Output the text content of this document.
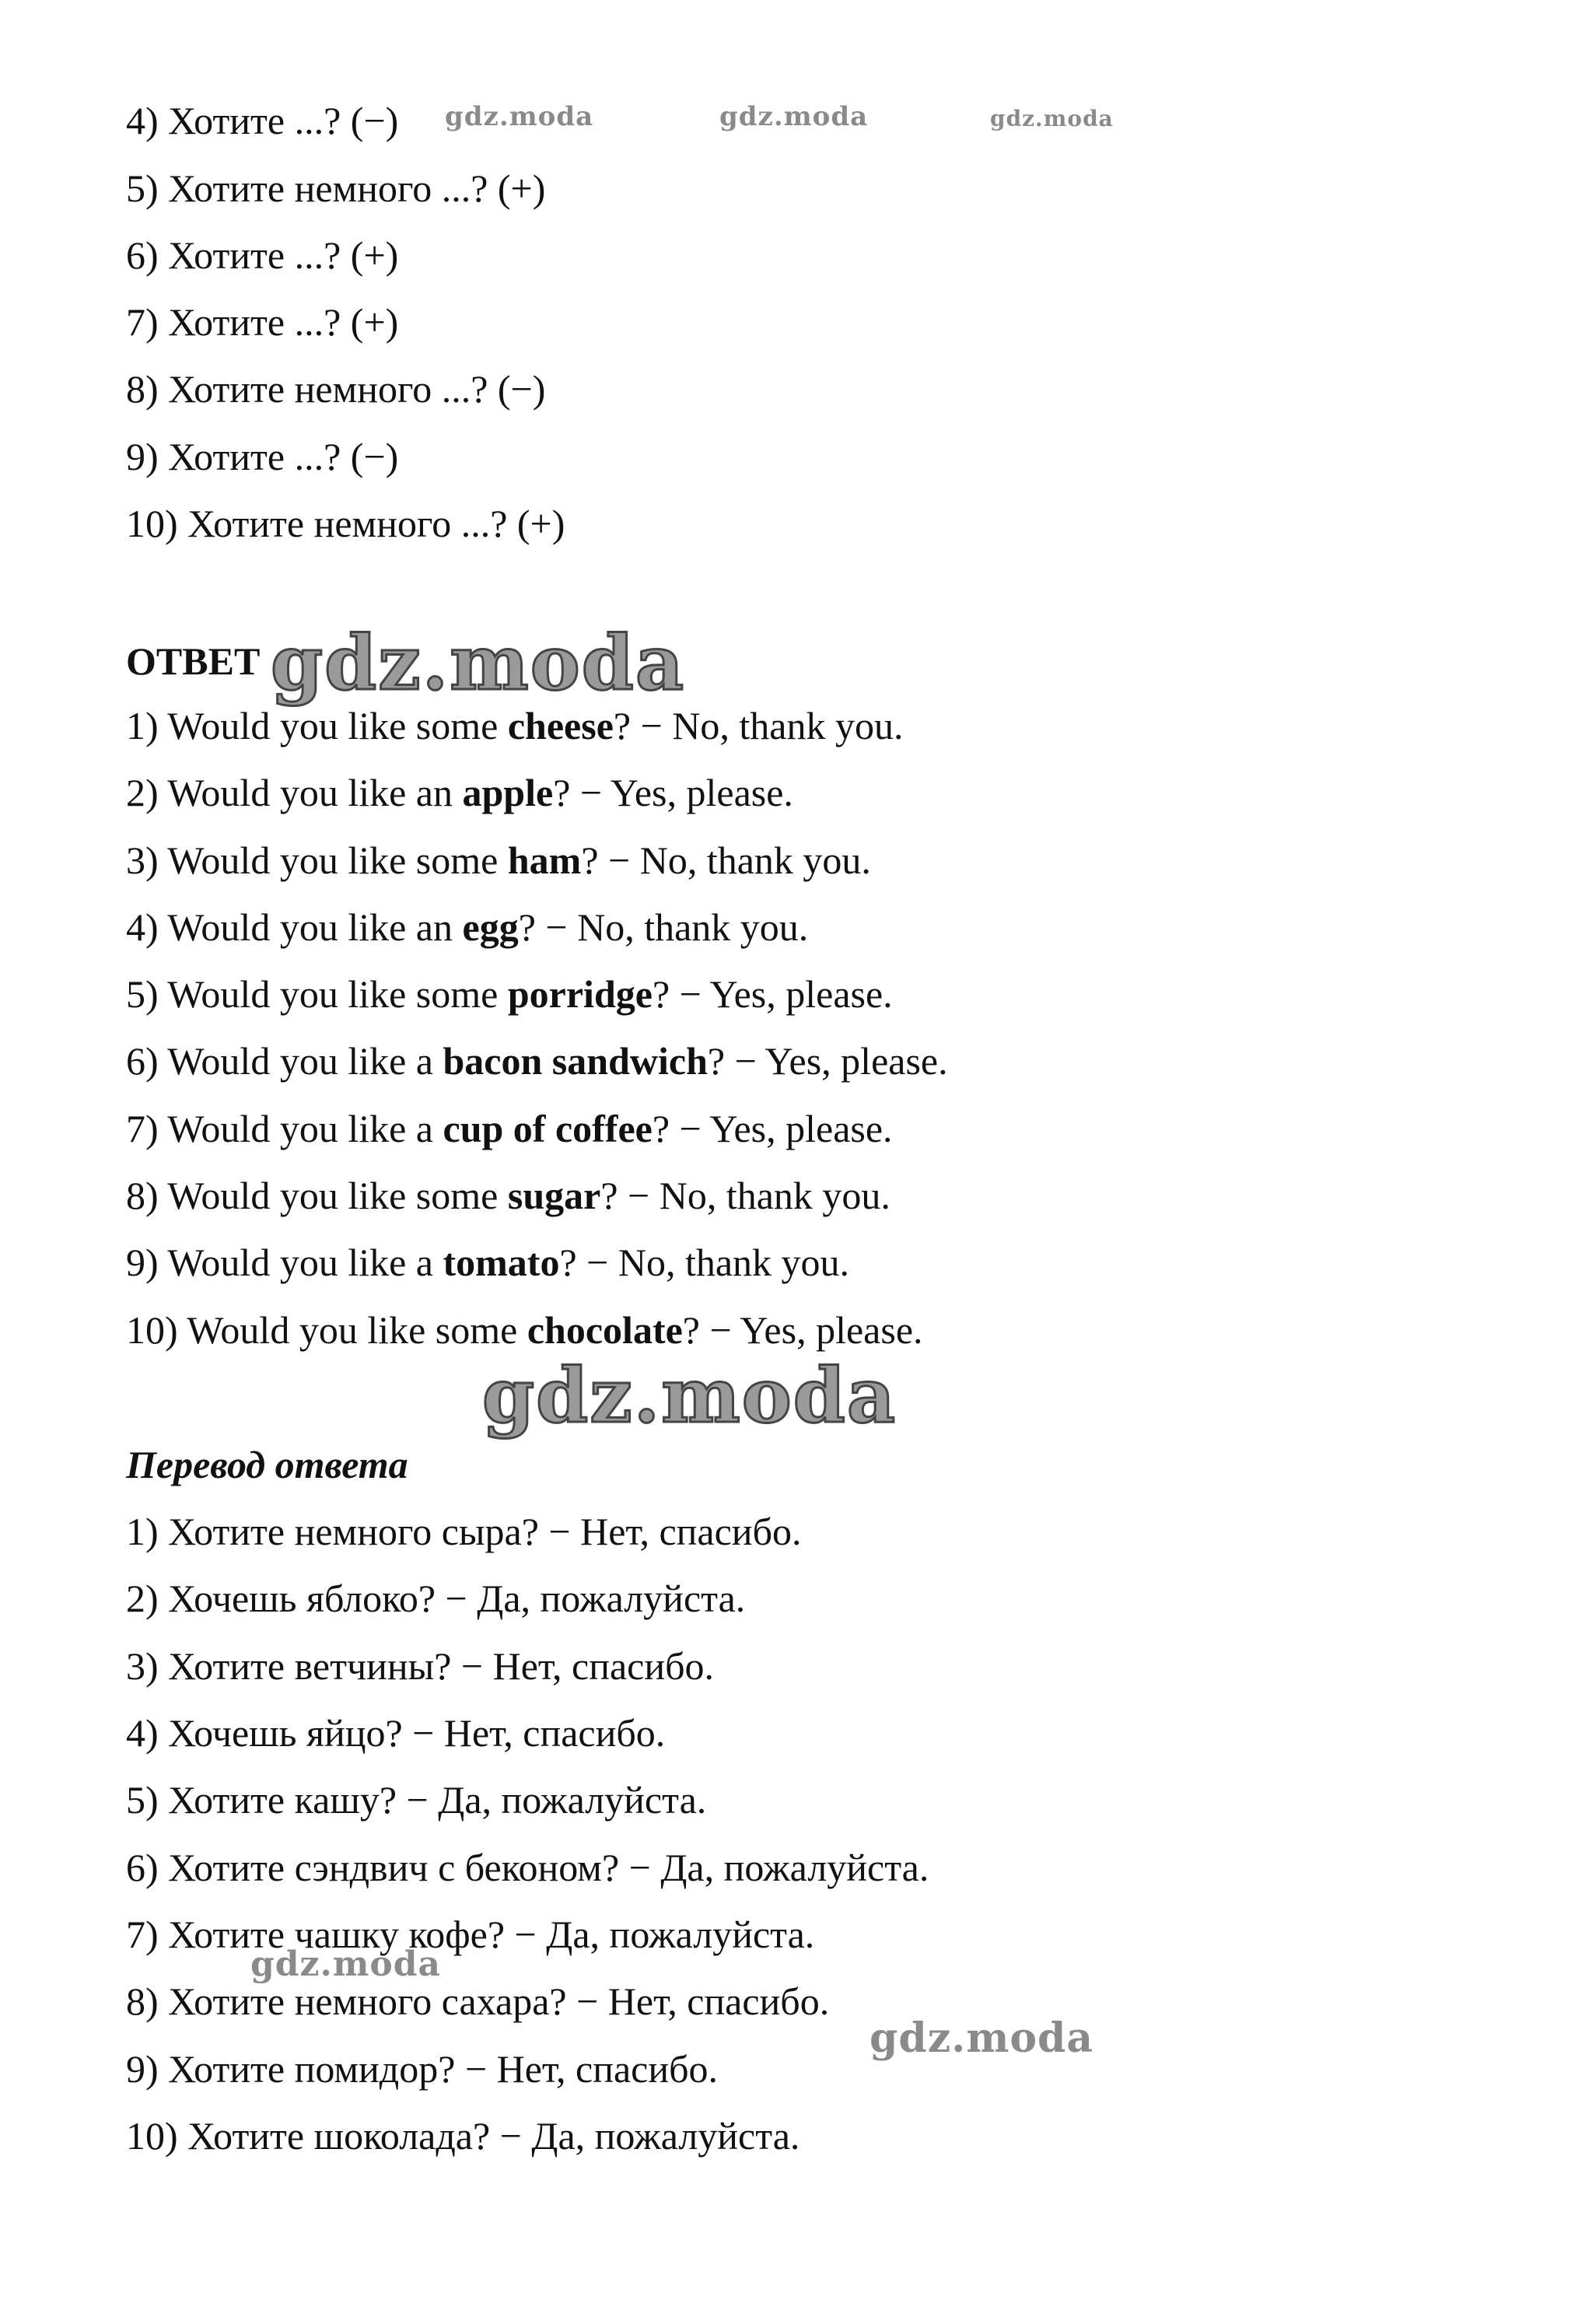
4) Хотите ...? (−)
5) Хотите немного ...? (+)
6) Хотите ...? (+)
7) Хотите ...? (+)
8) Хотите немного ...? (−)
9) Хотите ...? (−)
10) Хотите немного ...? (+)
ОТВЕТ
1) Would you like some cheese? − No, thank you.
2) Would you like an apple? − Yes, please.
3) Would you like some ham? − No, thank you.
4) Would you like an egg? − No, thank you.
5) Would you like some porridge? − Yes, please.
6) Would you like a bacon sandwich? − Yes, please.
7) Would you like a cup of coffee? − Yes, please.
8) Would you like some sugar? − No, thank you.
9) Would you like a tomato? − No, thank you.
10) Would you like some chocolate? − Yes, please.
Перевод ответа
1) Хотите немного сыра? − Нет, спасибо.
2) Хочешь яблоко? − Да, пожалуйста.
3) Хотите ветчины? − Нет, спасибо.
4) Хочешь яйцо? − Нет, спасибо.
5) Хотите кашу? − Да, пожалуйста.
6) Хотите сэндвич с беконом? − Да, пожалуйста.
7) Хотите чашку кофе? − Да, пожалуйста.
8) Хотите немного сахара? − Нет, спасибо.
9) Хотите помидор? − Нет, спасибо.
10) Хотите шоколада? − Да, пожалуйста.
gdz.moda	gdz.moda	gdz.moda
gdz.moda
gdz.moda
gdz.moda
gdz.moda
